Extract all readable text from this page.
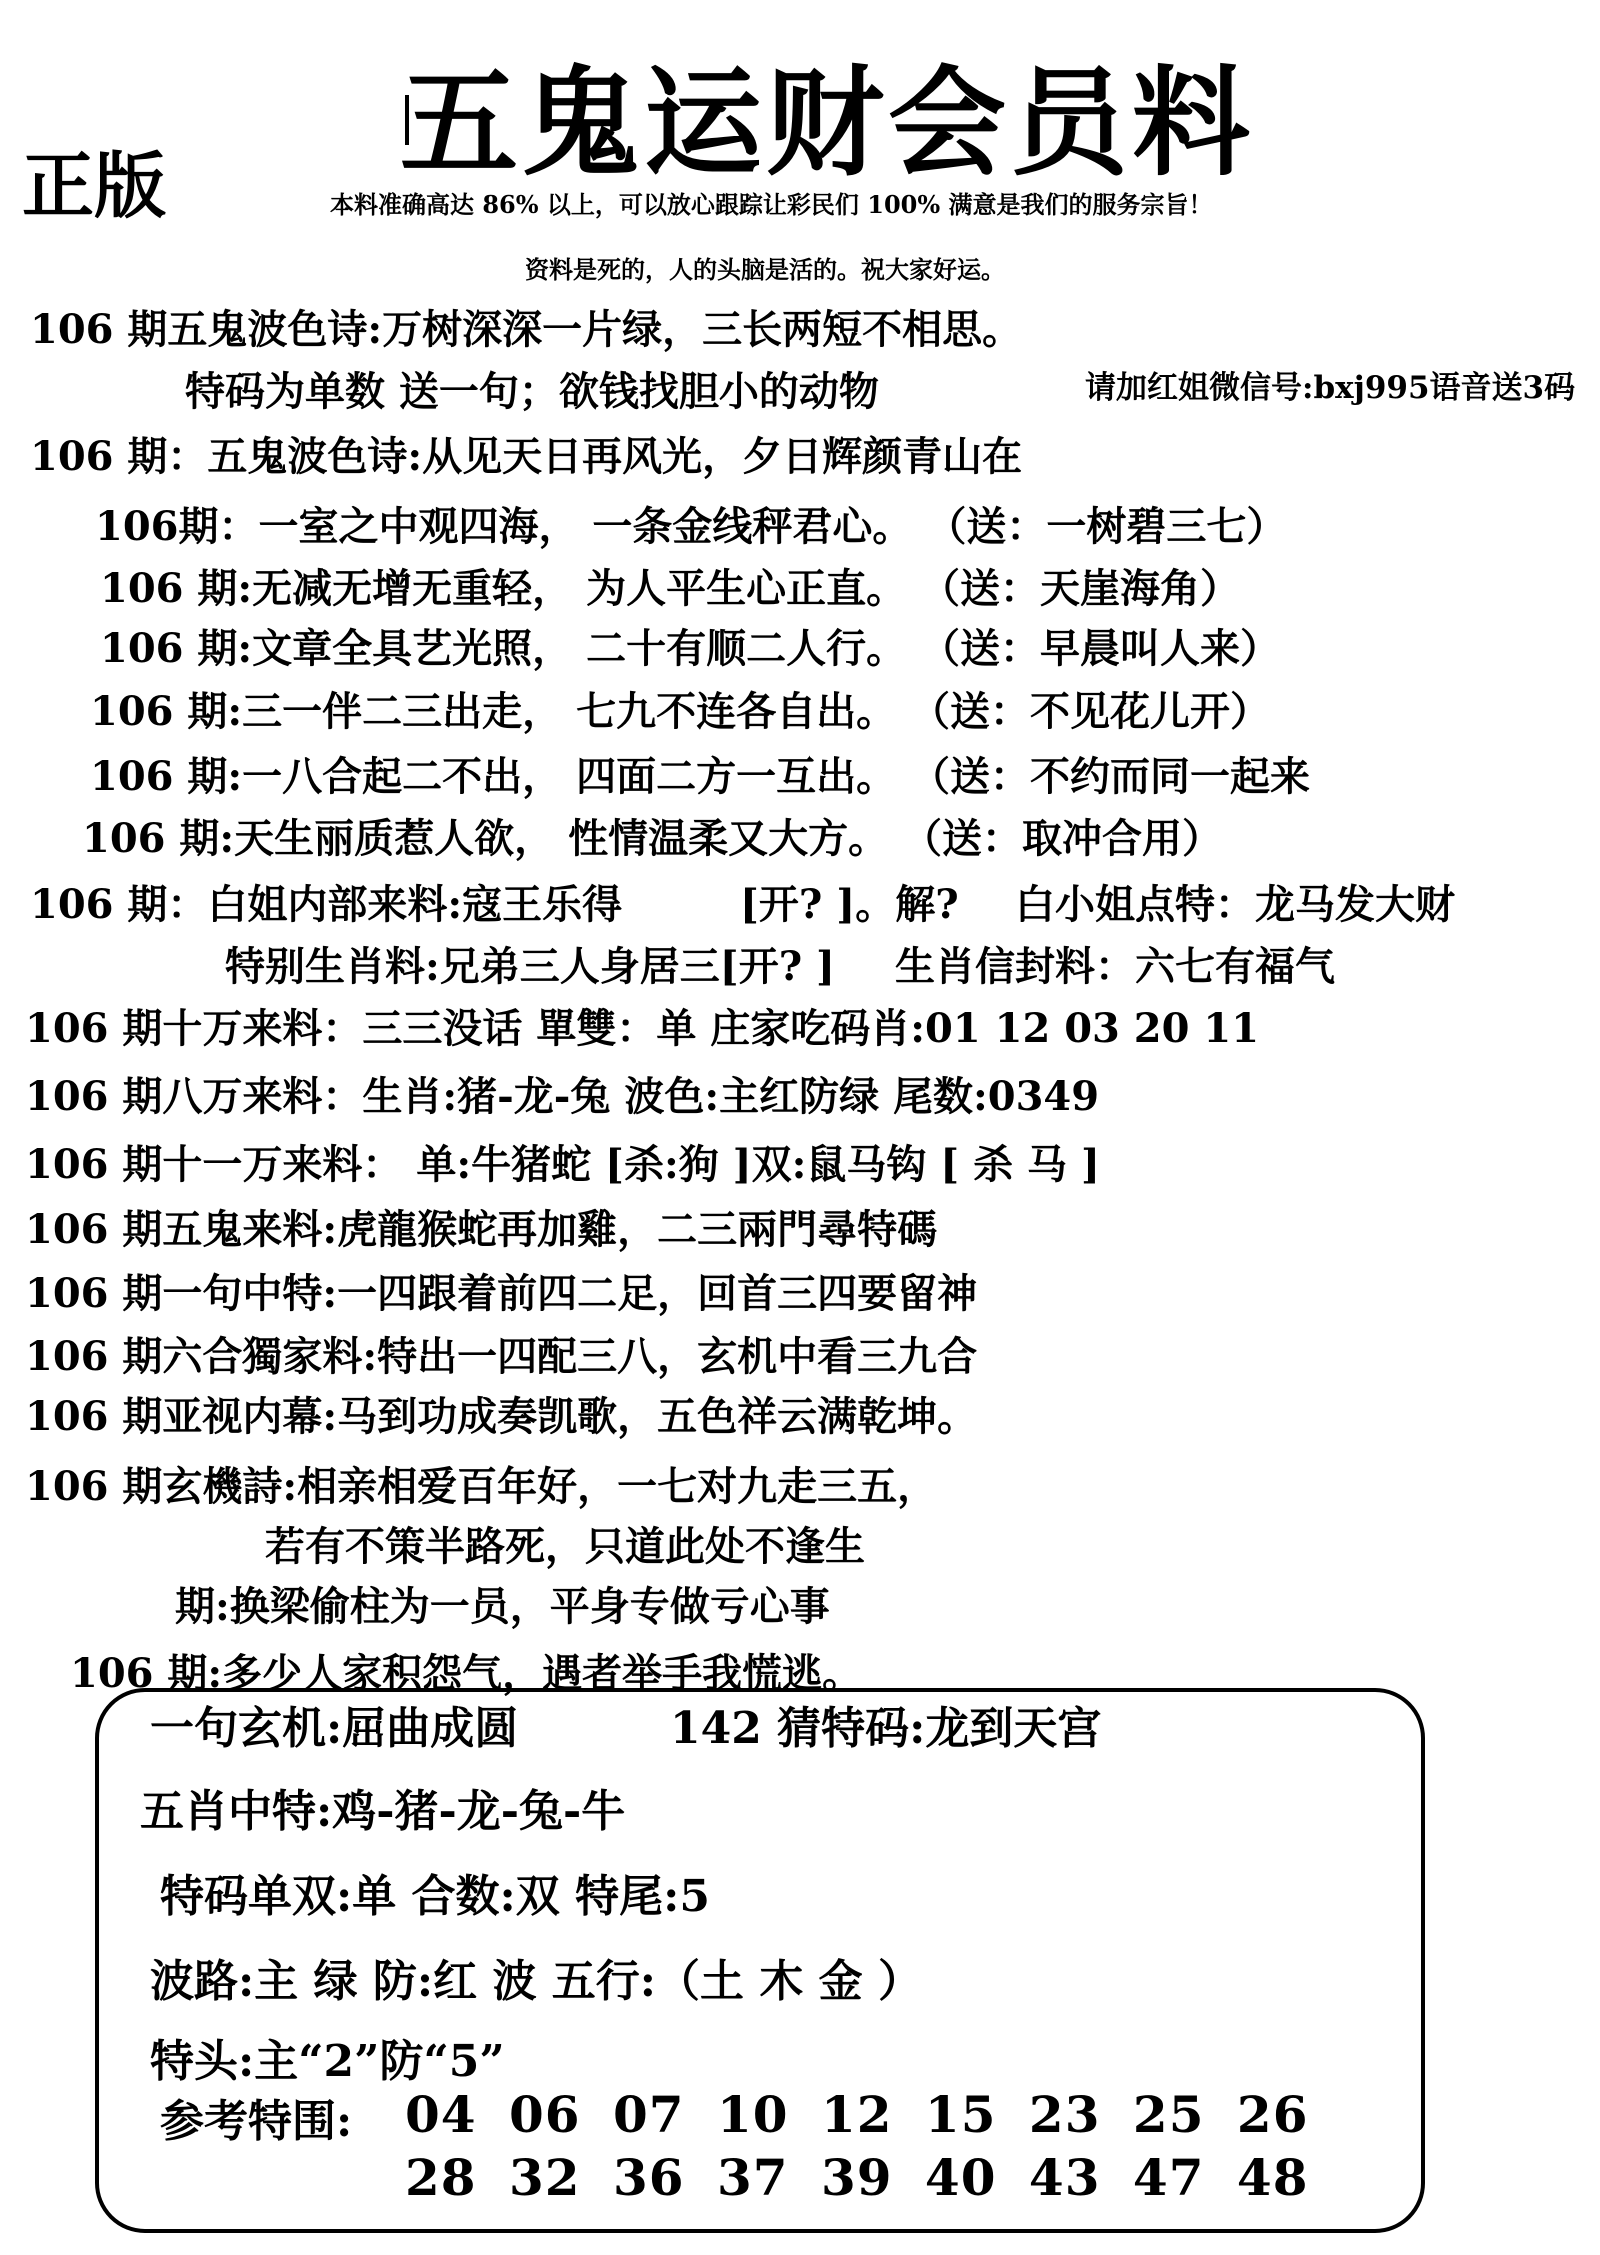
五鬼运财会员料
正版	本料准确高达 86% 以上，可以放心跟踪让彩民们 100% 满意是我们的服务宗旨！
资料是死的，人的头脑是活的。祝大家好运。
106 期五鬼波色诗:万树深深一片绿，三长两短不相思。
特码为单数 送一句；欲钱找胆小的动物	请加红姐微信号:bxj995语音送3码
106 期：五鬼波色诗:从见天日再风光，夕日辉颜青山在
106期：一室之中观四海， 一条金线秤君心。 （送：一树碧三七）
106 期:无减无增无重轻， 为人平生心正直。 （送：天崖海角）
106 期:文章全具艺光照， 二十有顺二人行。 （送：早晨叫人来）
106 期:三一伴二三出走， 七九不连各自出。 （送：不见花儿开）
106 期:一八合起二不出， 四面二方一互出。 （送：不约而同一起来
106 期:天生丽质惹人欲， 性情温柔又大方。 （送：取冲合用）
106 期：白姐内部来料:寇王乐得	[开? ]。解? 白小姐点特：龙马发大财
特别生肖料:兄弟三人身居三[开? ] 生肖信封料：六七有福气
106 期十万来料：三三没话 單雙：单 庄家吃码肖:01 12 03 20 11
106 期八万来料：生肖:猪-龙-兔 波色:主红防绿 尾数:0349
106 期十一万来料： 单:牛猪蛇 [杀:狗 ]双:鼠马钩 [ 杀 马 ]
106 期五鬼来料:虎龍猴蛇再加雞，二三兩門尋特碼
106 期一句中特:一四跟着前四二足，回首三四要留神
106 期六合獨家料:特出一四配三八，玄机中看三九合
106 期亚视内幕:马到功成奏凯歌，五色祥云满乾坤。
106 期玄機詩:相亲相爱百年好，一七对九走三五，
若有不策半路死，只道此处不逢生
期:换梁偷柱为一员，平身专做亏心事
106 期:多少人家积怨气，遇者举手我慌逃。
一句玄机:屈曲成圆	142 猜特码:龙到天宫
五肖中特:鸡-猪-龙-兔-牛
特码单双:单 合数:双 特尾:5
波路:主 绿 防:红 波 五行:（土 木 金 ）
特头:主“2”防“5”
参考特围: 04 06 07 10 12 15 23 25 26
28 32 36 37 39 40 43 47 48
